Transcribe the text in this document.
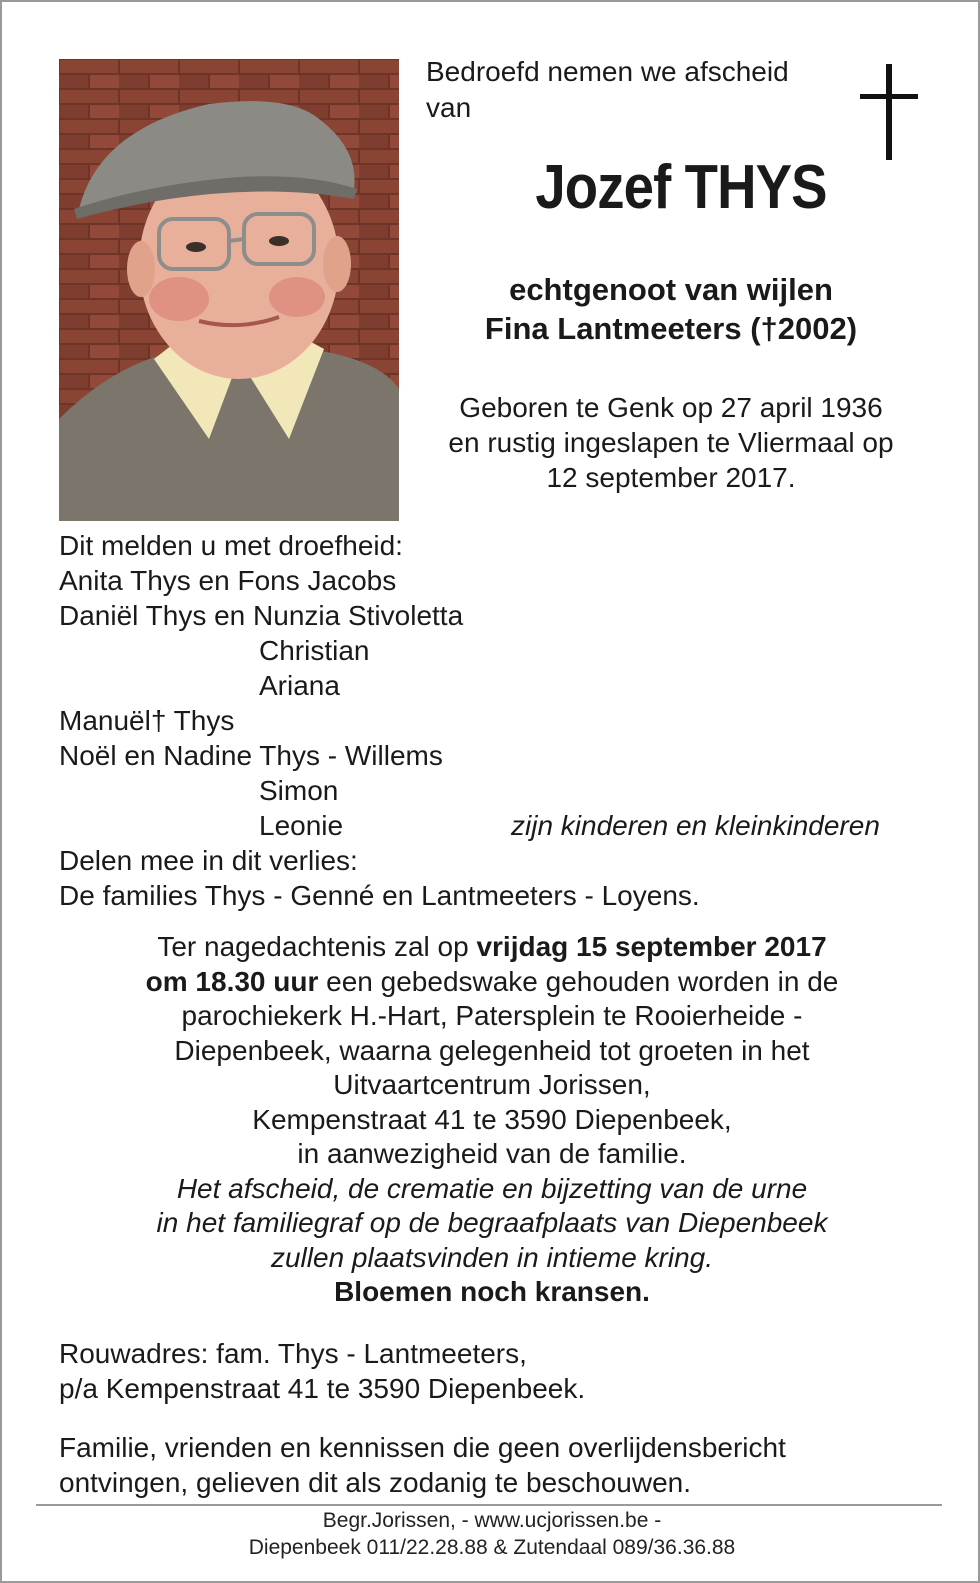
Bedroefd nemen we afscheid
van
Jozef THYS
echtgenoot van wijlen
Fina Lantmeeters (†2002)
Geboren te Genk op 27 april 1936
en rustig ingeslapen te Vliermaal op
12 september 2017.
Dit melden u met droefheid:
Anita Thys en Fons Jacobs
Daniël Thys en Nunzia Stivoletta
Christian
Ariana
Manuël† Thys
Noël en Nadine Thys - Willems
Simon
Leonie	zijn kinderen en kleinkinderen
Delen mee in dit verlies:
De families Thys - Genné en Lantmeeters - Loyens.
Ter nagedachtenis zal op vrijdag 15 september 2017
om 18.30 uur een gebedswake gehouden worden in de
parochiekerk H.-Hart, Patersplein te Rooierheide -
Diepenbeek, waarna gelegenheid tot groeten in het
Uitvaartcentrum Jorissen,
Kempenstraat 41 te 3590 Diepenbeek,
in aanwezigheid van de familie.
Het afscheid, de crematie en bijzetting van de urne
in het familiegraf op de begraafplaats van Diepenbeek
zullen plaatsvinden in intieme kring.
Bloemen noch kransen.
Rouwadres: fam. Thys - Lantmeeters,
p/a Kempenstraat 41 te 3590 Diepenbeek.
Familie, vrienden en kennissen die geen overlijdensbericht
ontvingen, gelieven dit als zodanig te beschouwen.
Begr.Jorissen, - www.ucjorissen.be -
Diepenbeek 011/22.28.88 & Zutendaal 089/36.36.88
